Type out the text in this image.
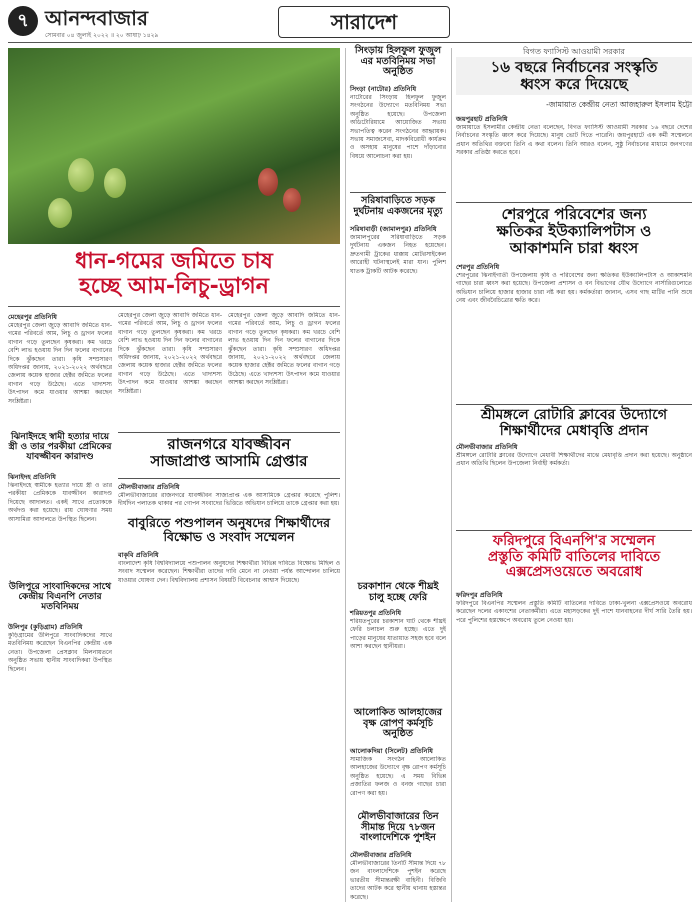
৭ আনন্দবাজার
সোমবার ০৪ জুলাই ২০২২ ॥ ২০ আষাঢ় ১৪২৯
সারাদেশ
ধান-গমের জমিতে চাষ
হচ্ছে আম-লিচু-ড্রাগন
মেহেরপুর প্রতিনিধি
মেহেরপুর জেলা জুড়ে আবাদি জমিতে ধান-গমের পরিবর্তে আম, লিচু ও ড্রাগন ফলের বাগান গড়ে তুলছেন কৃষকরা। কম খরচে বেশি লাভ হওয়ায় দিন দিন ফলের বাগানের দিকে ঝুঁকছেন তারা। কৃষি সম্প্রসারণ অধিদপ্তর জানায়, ২০২১-২০২২ অর্থবছরে জেলায় কয়েক হাজার হেক্টর জমিতে ফলের বাগান গড়ে উঠেছে। এতে খাদ্যশস্য উৎপাদন কমে যাওয়ার আশঙ্কা করছেন সংশ্লিষ্টরা।
মেহেরপুর জেলা জুড়ে আবাদি জমিতে ধান-গমের পরিবর্তে আম, লিচু ও ড্রাগন ফলের বাগান গড়ে তুলছেন কৃষকরা। কম খরচে বেশি লাভ হওয়ায় দিন দিন ফলের বাগানের দিকে ঝুঁকছেন তারা। কৃষি সম্প্রসারণ অধিদপ্তর জানায়, ২০২১-২০২২ অর্থবছরে জেলায় কয়েক হাজার হেক্টর জমিতে ফলের বাগান গড়ে উঠেছে। এতে খাদ্যশস্য উৎপাদন কমে যাওয়ার আশঙ্কা করছেন সংশ্লিষ্টরা।
মেহেরপুর জেলা জুড়ে আবাদি জমিতে ধান-গমের পরিবর্তে আম, লিচু ও ড্রাগন ফলের বাগান গড়ে তুলছেন কৃষকরা। কম খরচে বেশি লাভ হওয়ায় দিন দিন ফলের বাগানের দিকে ঝুঁকছেন তারা। কৃষি সম্প্রসারণ অধিদপ্তর জানায়, ২০২১-২০২২ অর্থবছরে জেলায় কয়েক হাজার হেক্টর জমিতে ফলের বাগান গড়ে উঠেছে। এতে খাদ্যশস্য উৎপাদন কমে যাওয়ার আশঙ্কা করছেন সংশ্লিষ্টরা।
ঝিনাইদহে স্বামী হত্যার দায়ে স্ত্রী ও তার পরকীয়া প্রেমিকের যাবজ্জীবন কারাদণ্ড
ঝিনাইদহ প্রতিনিধি
ঝিনাইদহে স্বামীকে হত্যার দায়ে স্ত্রী ও তার পরকীয়া প্রেমিককে যাবজ্জীবন কারাদণ্ড দিয়েছে আদালত। একই সাথে প্রত্যেককে অর্থদণ্ড করা হয়েছে। রায় ঘোষণার সময় আসামিরা আদালতে উপস্থিত ছিলেন।
উলিপুরে সাংবাদিকদের সাথে কেন্দ্রীয় বিএনপি নেতার মতবিনিময়
উলিপুর (কুড়িগ্রাম) প্রতিনিধি
কুড়িগ্রামের উলিপুরে সাংবাদিকদের সাথে মতবিনিময় করেছেন বিএনপির কেন্দ্রীয় এক নেতা। উপজেলা প্রেসক্লাব মিলনায়তনে অনুষ্ঠিত সভায় স্থানীয় সাংবাদিকরা উপস্থিত ছিলেন।
রাজনগরে যাবজ্জীবন
সাজাপ্রাপ্ত আসামি গ্রেপ্তার
মৌলভীবাজার প্রতিনিধি
মৌলভীবাজারের রাজনগরে যাবজ্জীবন সাজাপ্রাপ্ত এক আসামিকে গ্রেপ্তার করেছে পুলিশ। দীর্ঘদিন পলাতক থাকার পর গোপন সংবাদের ভিত্তিতে অভিযান চালিয়ে তাকে গ্রেপ্তার করা হয়।
বাবুরিতে পশুপালন অনুষদের শিক্ষার্থীদের
বিক্ষোভ ও সংবাদ সম্মেলন
বাকৃবি প্রতিনিধি
বাংলাদেশ কৃষি বিশ্ববিদ্যালয়ে পশুপালন অনুষদের শিক্ষার্থীরা বিভিন্ন দাবিতে বিক্ষোভ মিছিল ও সংবাদ সম্মেলন করেছেন। শিক্ষার্থীরা তাদের দাবি মেনে না নেওয়া পর্যন্ত আন্দোলন চালিয়ে যাওয়ার ঘোষণা দেন। বিশ্ববিদ্যালয় প্রশাসন বিষয়টি বিবেচনার আশ্বাস দিয়েছে।
সিংড়ায় হিলফুল ফুজুল এর মতবিনিময় সভা অনুষ্ঠিত
সিংড়া (নাটোর) প্রতিনিধি
নাটোরের সিংড়ায় হিলফুল ফুজুল সংগঠনের উদ্যোগে মতবিনিময় সভা অনুষ্ঠিত হয়েছে। উপজেলা অডিটোরিয়ামে আয়োজিত সভায় সভাপতিত্ব করেন সংগঠনের আহ্বায়ক। সভায় সমাজসেবা, মাদকবিরোধী কার্যক্রম ও অসহায় মানুষের পাশে দাঁড়ানোর বিষয়ে আলোচনা করা হয়।
সরিষাবাড়িতে সড়ক দুর্ঘটনায় একজনের মৃত্যু
সরিষাবাড়ী (জামালপুর) প্রতিনিধি
জামালপুরের সরিষাবাড়িতে সড়ক দুর্ঘটনায় একজন নিহত হয়েছেন। দ্রুতগামী ট্রাকের ধাক্কায় মোটরসাইকেল আরোহী ঘটনাস্থলেই মারা যান। পুলিশ ঘাতক ট্রাকটি আটক করেছে।
চরকাশান থেকে শীঘ্রই চালু হচ্ছে ফেরি
শরিয়তপুর প্রতিনিধি
শরিয়তপুরের চরকাশান ঘাট থেকে শীঘ্রই ফেরি চলাচল শুরু হচ্ছে। এতে দুই পাড়ের মানুষের যাতায়াত সহজ হবে বলে আশা করছেন স্থানীয়রা।
আলোকিত আলহাজের বৃক্ষ রোপণ কর্মসূচি অনুষ্ঠিত
আলোকদিয়া (সিলেট) প্রতিনিধি
সামাজিক সংগঠন আলোকিত আলহাজের উদ্যোগে বৃক্ষ রোপণ কর্মসূচি অনুষ্ঠিত হয়েছে। এ সময় বিভিন্ন প্রজাতির ফলজ ও বনজ গাছের চারা রোপণ করা হয়।
মৌলভীবাজারের তিন সীমান্ত দিয়ে ৭৮জন বাংলাদেশিকে পুশইন
মৌলভীবাজার প্রতিনিধি
মৌলভীবাজারের তিনটি সীমান্ত দিয়ে ৭৮ জন বাংলাদেশিকে পুশইন করেছে ভারতীয় সীমান্তরক্ষী বাহিনী। বিজিবি তাদের আটক করে স্থানীয় থানায় হস্তান্তর করেছে।
বিগত ফ্যাসিস্ট আওয়ামী সরকার
১৬ বছরে নির্বাচনের সংস্কৃতি
ধ্বংস করে দিয়েছে
-জামায়াত কেন্দ্রীয় নেতা আজহারুল ইসলাম ইট্টো
জয়পুরহাট প্রতিনিধি
জামায়াতে ইসলামীর কেন্দ্রীয় নেতা বলেছেন, বিগত ফ্যাসিস্ট আওয়ামী সরকার ১৬ বছরে দেশের নির্বাচনের সংস্কৃতি ধ্বংস করে দিয়েছে। মানুষ ভোট দিতে পারেনি। জয়পুরহাটে এক কর্মী সম্মেলনে প্রধান অতিথির বক্তব্যে তিনি এ কথা বলেন। তিনি আরও বলেন, সুষ্ঠু নির্বাচনের মাধ্যমে জনগণের সরকার প্রতিষ্ঠা করতে হবে।
শেরপুরে পরিবেশের জন্য
ক্ষতিকর ইউক্যালিপটাস ও
আকাশমনি চারা ধ্বংস
শেরপুর প্রতিনিধি
শেরপুরের ঝিনাইগাতী উপজেলায় কৃষি ও পরিবেশের জন্য ক্ষতিকর ইউক্যালিপটাস ও আকাশমনি গাছের চারা ধ্বংস করা হয়েছে। উপজেলা প্রশাসন ও বন বিভাগের যৌথ উদ্যোগে নার্সারিগুলোতে অভিযান চালিয়ে হাজার হাজার চারা নষ্ট করা হয়। কর্মকর্তারা জানান, এসব গাছ মাটির পানি শুষে নেয় এবং জীববৈচিত্র্যের ক্ষতি করে।
শ্রীমঙ্গলে রোটারি ক্লাবের উদ্যোগে
শিক্ষার্থীদের মেধাবৃত্তি প্রদান
মৌলভীবাজার প্রতিনিধি
শ্রীমঙ্গলে রোটারি ক্লাবের উদ্যোগে মেধাবী শিক্ষার্থীদের মাঝে মেধাবৃত্তি প্রদান করা হয়েছে। অনুষ্ঠানে প্রধান অতিথি ছিলেন উপজেলা নির্বাহী কর্মকর্তা।
ফরিদপুরে বিএনপি'র সম্মেলন
প্রস্তুতি কমিটি বাতিলের দাবিতে
এক্সপ্রেসওয়েতে অবরোধ
ফরিদপুর প্রতিনিধি
ফরিদপুরে বিএনপির সম্মেলন প্রস্তুতি কমিটি বাতিলের দাবিতে ঢাকা-খুলনা এক্সপ্রেসওয়ে অবরোধ করেছেন দলের একাংশের নেতাকর্মীরা। এতে মহাসড়কের দুই পাশে যানবাহনের দীর্ঘ সারি তৈরি হয়। পরে পুলিশের হস্তক্ষেপে অবরোধ তুলে নেওয়া হয়।
